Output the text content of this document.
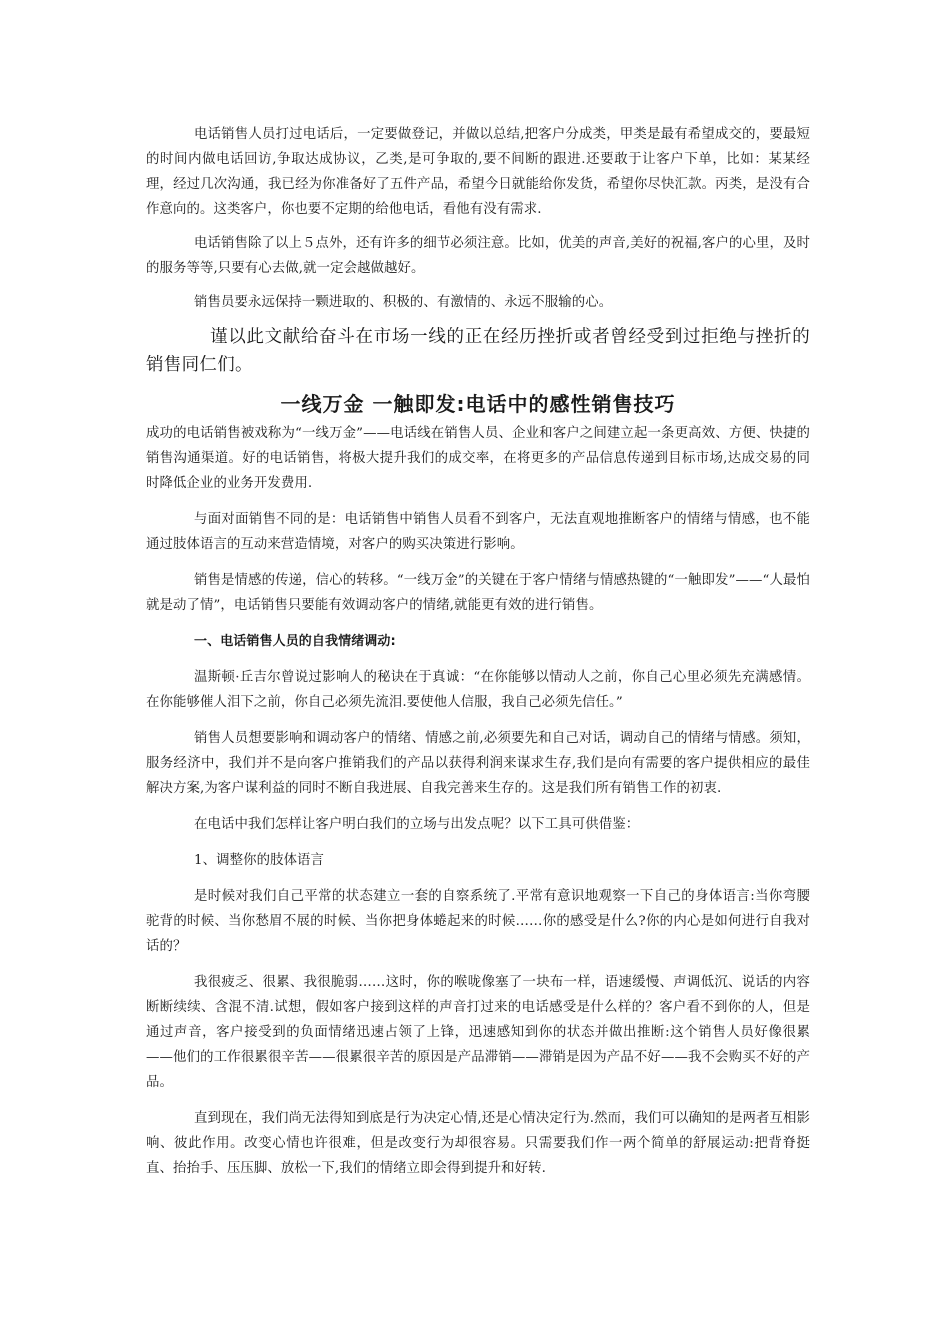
电话销售人员打过电话后，一定要做登记，并做以总结,把客户分成类，甲类是最有希望成交的，要最短的时间内做电话回访,争取达成协议，乙类,是可争取的,要不间断的跟进.还要敢于让客户下单，比如：某某经理，经过几次沟通，我已经为你准备好了五件产品，希望今日就能给你发货，希望你尽快汇款。丙类，是没有合作意向的。这类客户，你也要不定期的给他电话，看他有没有需求.

电话销售除了以上５点外，还有许多的细节必须注意。比如，优美的声音,美好的祝福,客户的心里，及时的服务等等,只要有心去做,就一定会越做越好。

销售员要永远保持一颗进取的、积极的、有激情的、永远不服输的心。

谨以此文献给奋斗在市场一线的正在经历挫折或者曾经受到过拒绝与挫折的销售同仁们。

一线万金 一触即发:电话中的感性销售技巧

成功的电话销售被戏称为“一线万金”——电话线在销售人员、企业和客户之间建立起一条更高效、方便、快捷的销售沟通渠道。好的电话销售，将极大提升我们的成交率，在将更多的产品信息传递到目标市场,达成交易的同时降低企业的业务开发费用.

与面对面销售不同的是：电话销售中销售人员看不到客户，无法直观地推断客户的情绪与情感，也不能通过肢体语言的互动来营造情境，对客户的购买决策进行影响。

销售是情感的传递，信心的转移。“一线万金”的关键在于客户情绪与情感热键的“一触即发”——“人最怕就是动了情”，电话销售只要能有效调动客户的情绪,就能更有效的进行销售。

一、电话销售人员的自我情绪调动:

温斯顿·丘吉尔曾说过影响人的秘诀在于真诚：“在你能够以情动人之前，你自己心里必须先充满感情。在你能够催人泪下之前，你自己必须先流泪.要使他人信服，我自己必须先信任。”

销售人员想要影响和调动客户的情绪、情感之前,必须要先和自己对话，调动自己的情绪与情感。须知，服务经济中，我们并不是向客户推销我们的产品以获得利润来谋求生存,我们是向有需要的客户提供相应的最佳解决方案,为客户谋利益的同时不断自我进展、自我完善来生存的。这是我们所有销售工作的初衷.

在电话中我们怎样让客户明白我们的立场与出发点呢？以下工具可供借鉴：

1、调整你的肢体语言

是时候对我们自己平常的状态建立一套的自察系统了.平常有意识地观察一下自己的身体语言:当你弯腰驼背的时候、当你愁眉不展的时候、当你把身体蜷起来的时候……你的感受是什么?你的内心是如何进行自我对话的？

我很疲乏、很累、我很脆弱……这时，你的喉咙像塞了一块布一样，语速缓慢、声调低沉、说话的内容断断续续、含混不清.试想，假如客户接到这样的声音打过来的电话感受是什么样的？客户看不到你的人，但是通过声音，客户接受到的负面情绪迅速占领了上锋，迅速感知到你的状态并做出推断:这个销售人员好像很累——他们的工作很累很辛苦——很累很辛苦的原因是产品滞销——滞销是因为产品不好——我不会购买不好的产品。

直到现在，我们尚无法得知到底是行为决定心情,还是心情决定行为.然而，我们可以确知的是两者互相影响、彼此作用。改变心情也许很难，但是改变行为却很容易。只需要我们作一两个简单的舒展运动:把背脊挺直、抬抬手、压压脚、放松一下,我们的情绪立即会得到提升和好转.
